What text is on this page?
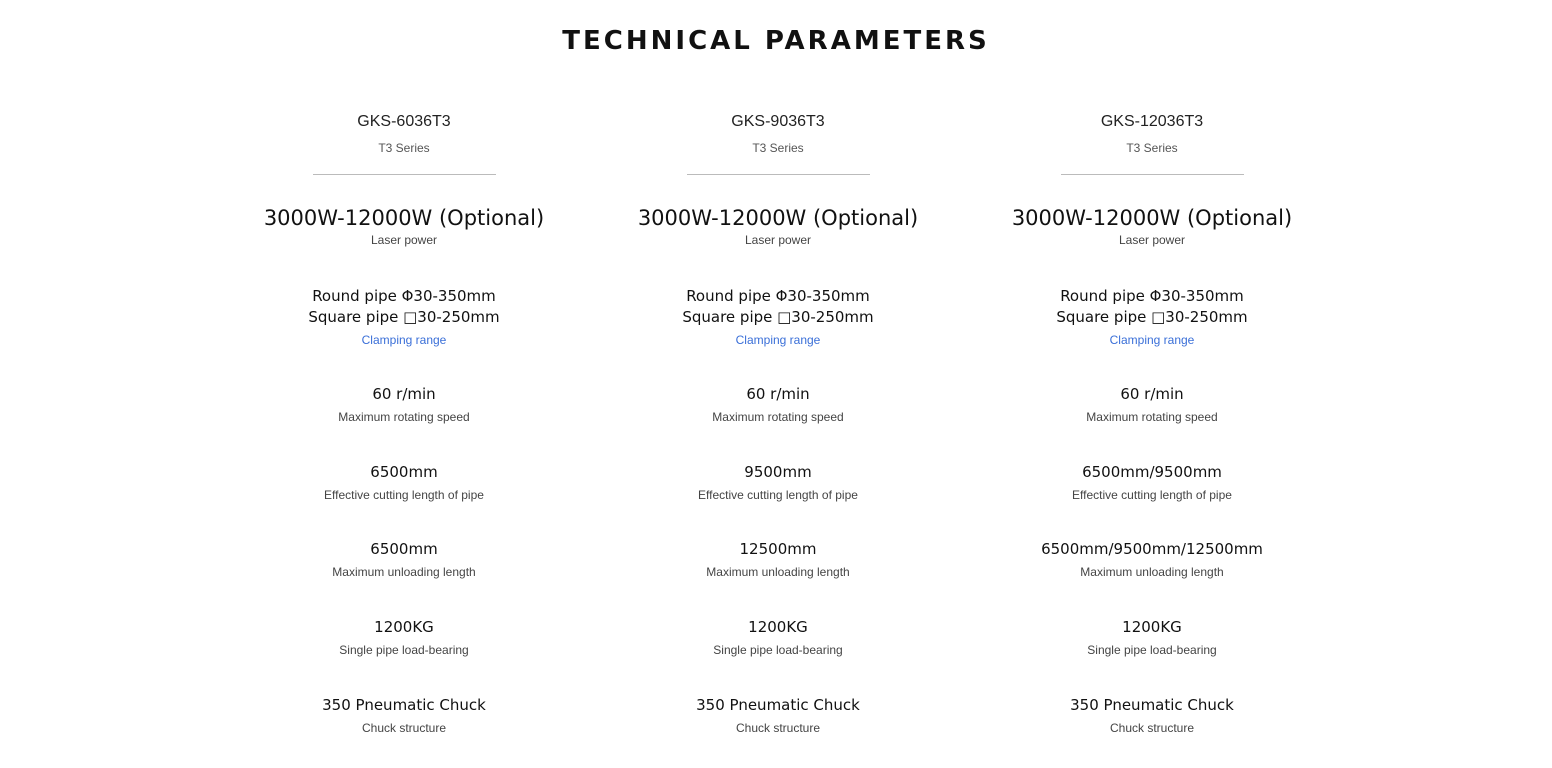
TECHNICAL PARAMETERS
GKS-6036T3
T3 Series
3000W-12000W (Optional)
Laser power
Round pipe Φ30-350mm
Square pipe □30-250mm
Clamping range
60 r/min
Maximum rotating speed
6500mm
Effective cutting length of pipe
6500mm
Maximum unloading length
1200KG
Single pipe load-bearing
350 Pneumatic Chuck
Chuck structure
GKS-9036T3
T3 Series
3000W-12000W (Optional)
Laser power
Round pipe Φ30-350mm
Square pipe □30-250mm
Clamping range
60 r/min
Maximum rotating speed
9500mm
Effective cutting length of pipe
12500mm
Maximum unloading length
1200KG
Single pipe load-bearing
350 Pneumatic Chuck
Chuck structure
GKS-12036T3
T3 Series
3000W-12000W (Optional)
Laser power
Round pipe Φ30-350mm
Square pipe □30-250mm
Clamping range
60 r/min
Maximum rotating speed
6500mm/9500mm
Effective cutting length of pipe
6500mm/9500mm/12500mm
Maximum unloading length
1200KG
Single pipe load-bearing
350 Pneumatic Chuck
Chuck structure
